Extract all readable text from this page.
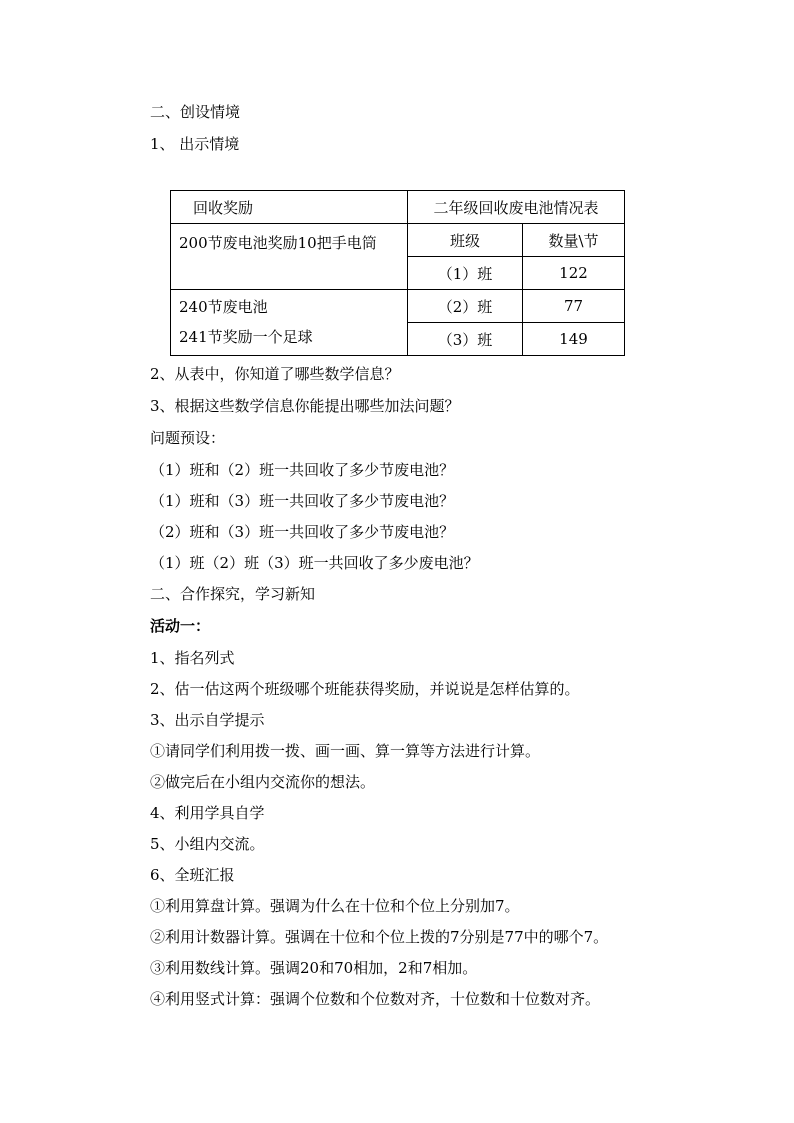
二、创设情境
1、 出示情境
回收奖励	二年级回收废电池情况表	
200节废电池奖励10把手电筒	班级	数量\节
	（1）班	122

240节废电池
241节奖励一个足球	（2）班	77
	（3）班	149
2、从表中，你知道了哪些数学信息？
3、根据这些数学信息你能提出哪些加法问题？
问题预设：
（1）班和（2）班一共回收了多少节废电池？
（1）班和（3）班一共回收了多少节废电池？
（2）班和（3）班一共回收了多少节废电池？
（1）班（2）班（3）班一共回收了多少废电池？
二、合作探究，学习新知
活动一：
1、指名列式
2、估一估这两个班级哪个班能获得奖励，并说说是怎样估算的。
3、出示自学提示
①请同学们利用拨一拨、画一画、算一算等方法进行计算。
②做完后在小组内交流你的想法。
4、利用学具自学
5、小组内交流。
6、全班汇报
①利用算盘计算。强调为什么在十位和个位上分别加7。
②利用计数器计算。强调在十位和个位上拨的7分别是77中的哪个7。
③利用数线计算。强调20和70相加，2和7相加。
④利用竖式计算：强调个位数和个位数对齐，十位数和十位数对齐。
